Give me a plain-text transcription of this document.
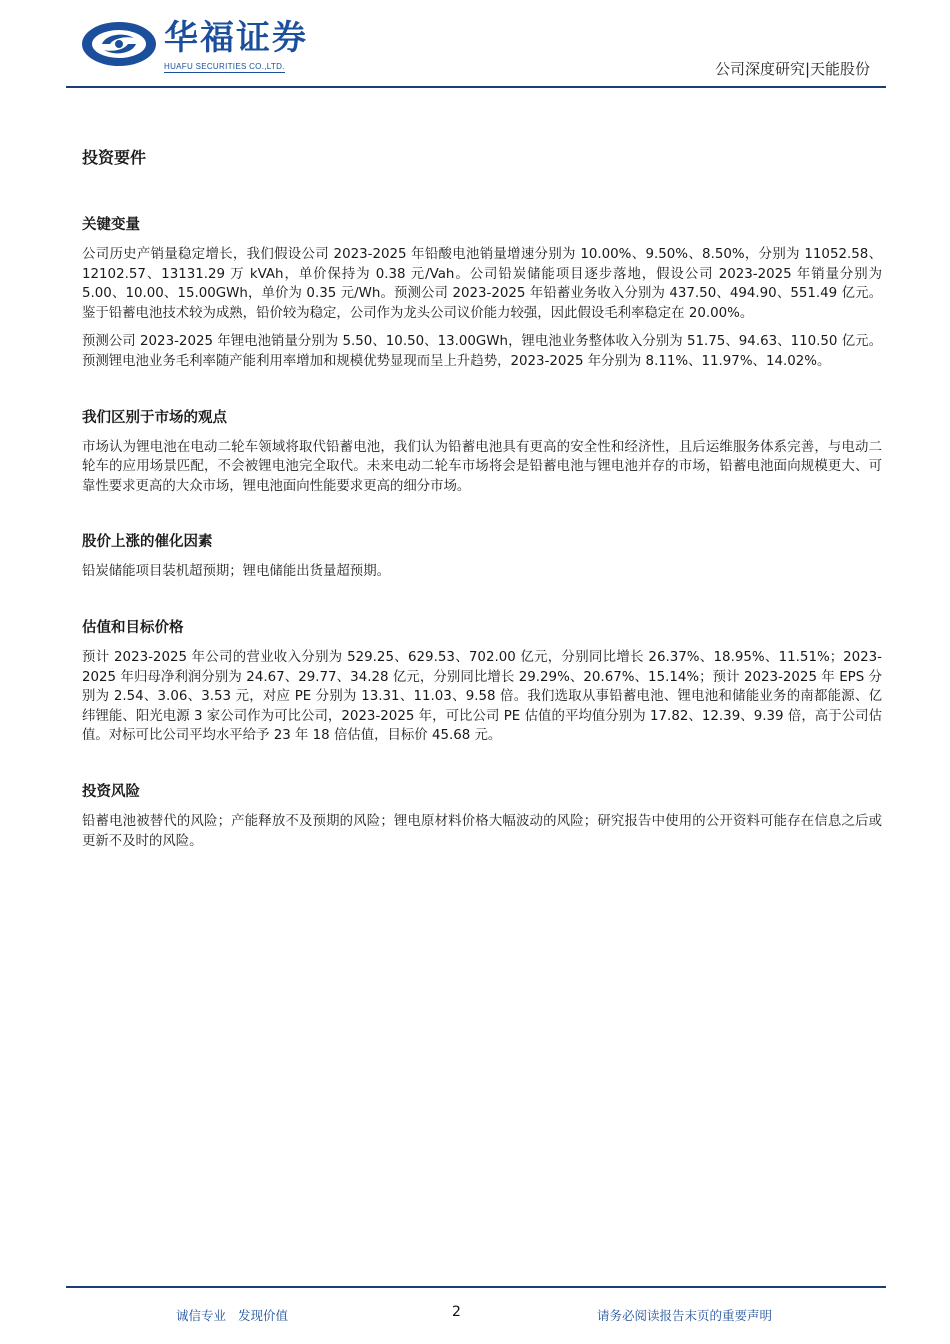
华福证券
HUAFU SECURITIES CO.,LTD.	公司深度研究|天能股份
投资要件
关键变量

公司历史产销量稳定增长，我们假设公司 2023-2025 年铅酸电池销量增速分别为 10.00%、9.50%、8.50%，分别为 11052.58、12102.57、13131.29 万 kVAh，单价保持为 0.38 元/Vah。公司铅炭储能项目逐步落地，假设公司 2023-2025 年销量分别为 5.00、10.00、15.00GWh，单价为 0.35 元/Wh。预测公司 2023-2025 年铅蓄业务收入分别为 437.50、494.90、551.49 亿元。鉴于铅蓄电池技术较为成熟，铅价较为稳定，公司作为龙头公司议价能力较强，因此假设毛利率稳定在 20.00%。

预测公司 2023-2025 年锂电池销量分别为 5.50、10.50、13.00GWh，锂电池业务整体收入分别为 51.75、94.63、110.50 亿元。预测锂电池业务毛利率随产能利用率增加和规模优势显现而呈上升趋势，2023-2025 年分别为 8.11%、11.97%、14.02%。

我们区别于市场的观点

市场认为锂电池在电动二轮车领域将取代铅蓄电池，我们认为铅蓄电池具有更高的安全性和经济性，且后运维服务体系完善，与电动二轮车的应用场景匹配，不会被锂电池完全取代。未来电动二轮车市场将会是铅蓄电池与锂电池并存的市场，铅蓄电池面向规模更大、可靠性要求更高的大众市场，锂电池面向性能要求更高的细分市场。

股价上涨的催化因素

铅炭储能项目装机超预期；锂电储能出货量超预期。

估值和目标价格

预计 2023-2025 年公司的营业收入分别为 529.25、629.53、702.00 亿元，分别同比增长 26.37%、18.95%、11.51%；2023-2025 年归母净利润分别为 24.67、29.77、34.28 亿元，分别同比增长 29.29%、20.67%、15.14%；预计 2023-2025 年 EPS 分别为 2.54、3.06、3.53 元，对应 PE 分别为 13.31、11.03、9.58 倍。我们选取从事铅蓄电池、锂电池和储能业务的南都能源、亿纬锂能、阳光电源 3 家公司作为可比公司，2023-2025 年，可比公司 PE 估值的平均值分别为 17.82、12.39、9.39 倍，高于公司估值。对标可比公司平均水平给予 23 年 18 倍估值，目标价 45.68 元。

投资风险

铅蓄电池被替代的风险；产能释放不及预期的风险；锂电原材料价格大幅波动的风险；研究报告中使用的公开资料可能存在信息之后或更新不及时的风险。

诚信专业 发现价值	2	请务必阅读报告末页的重要声明
